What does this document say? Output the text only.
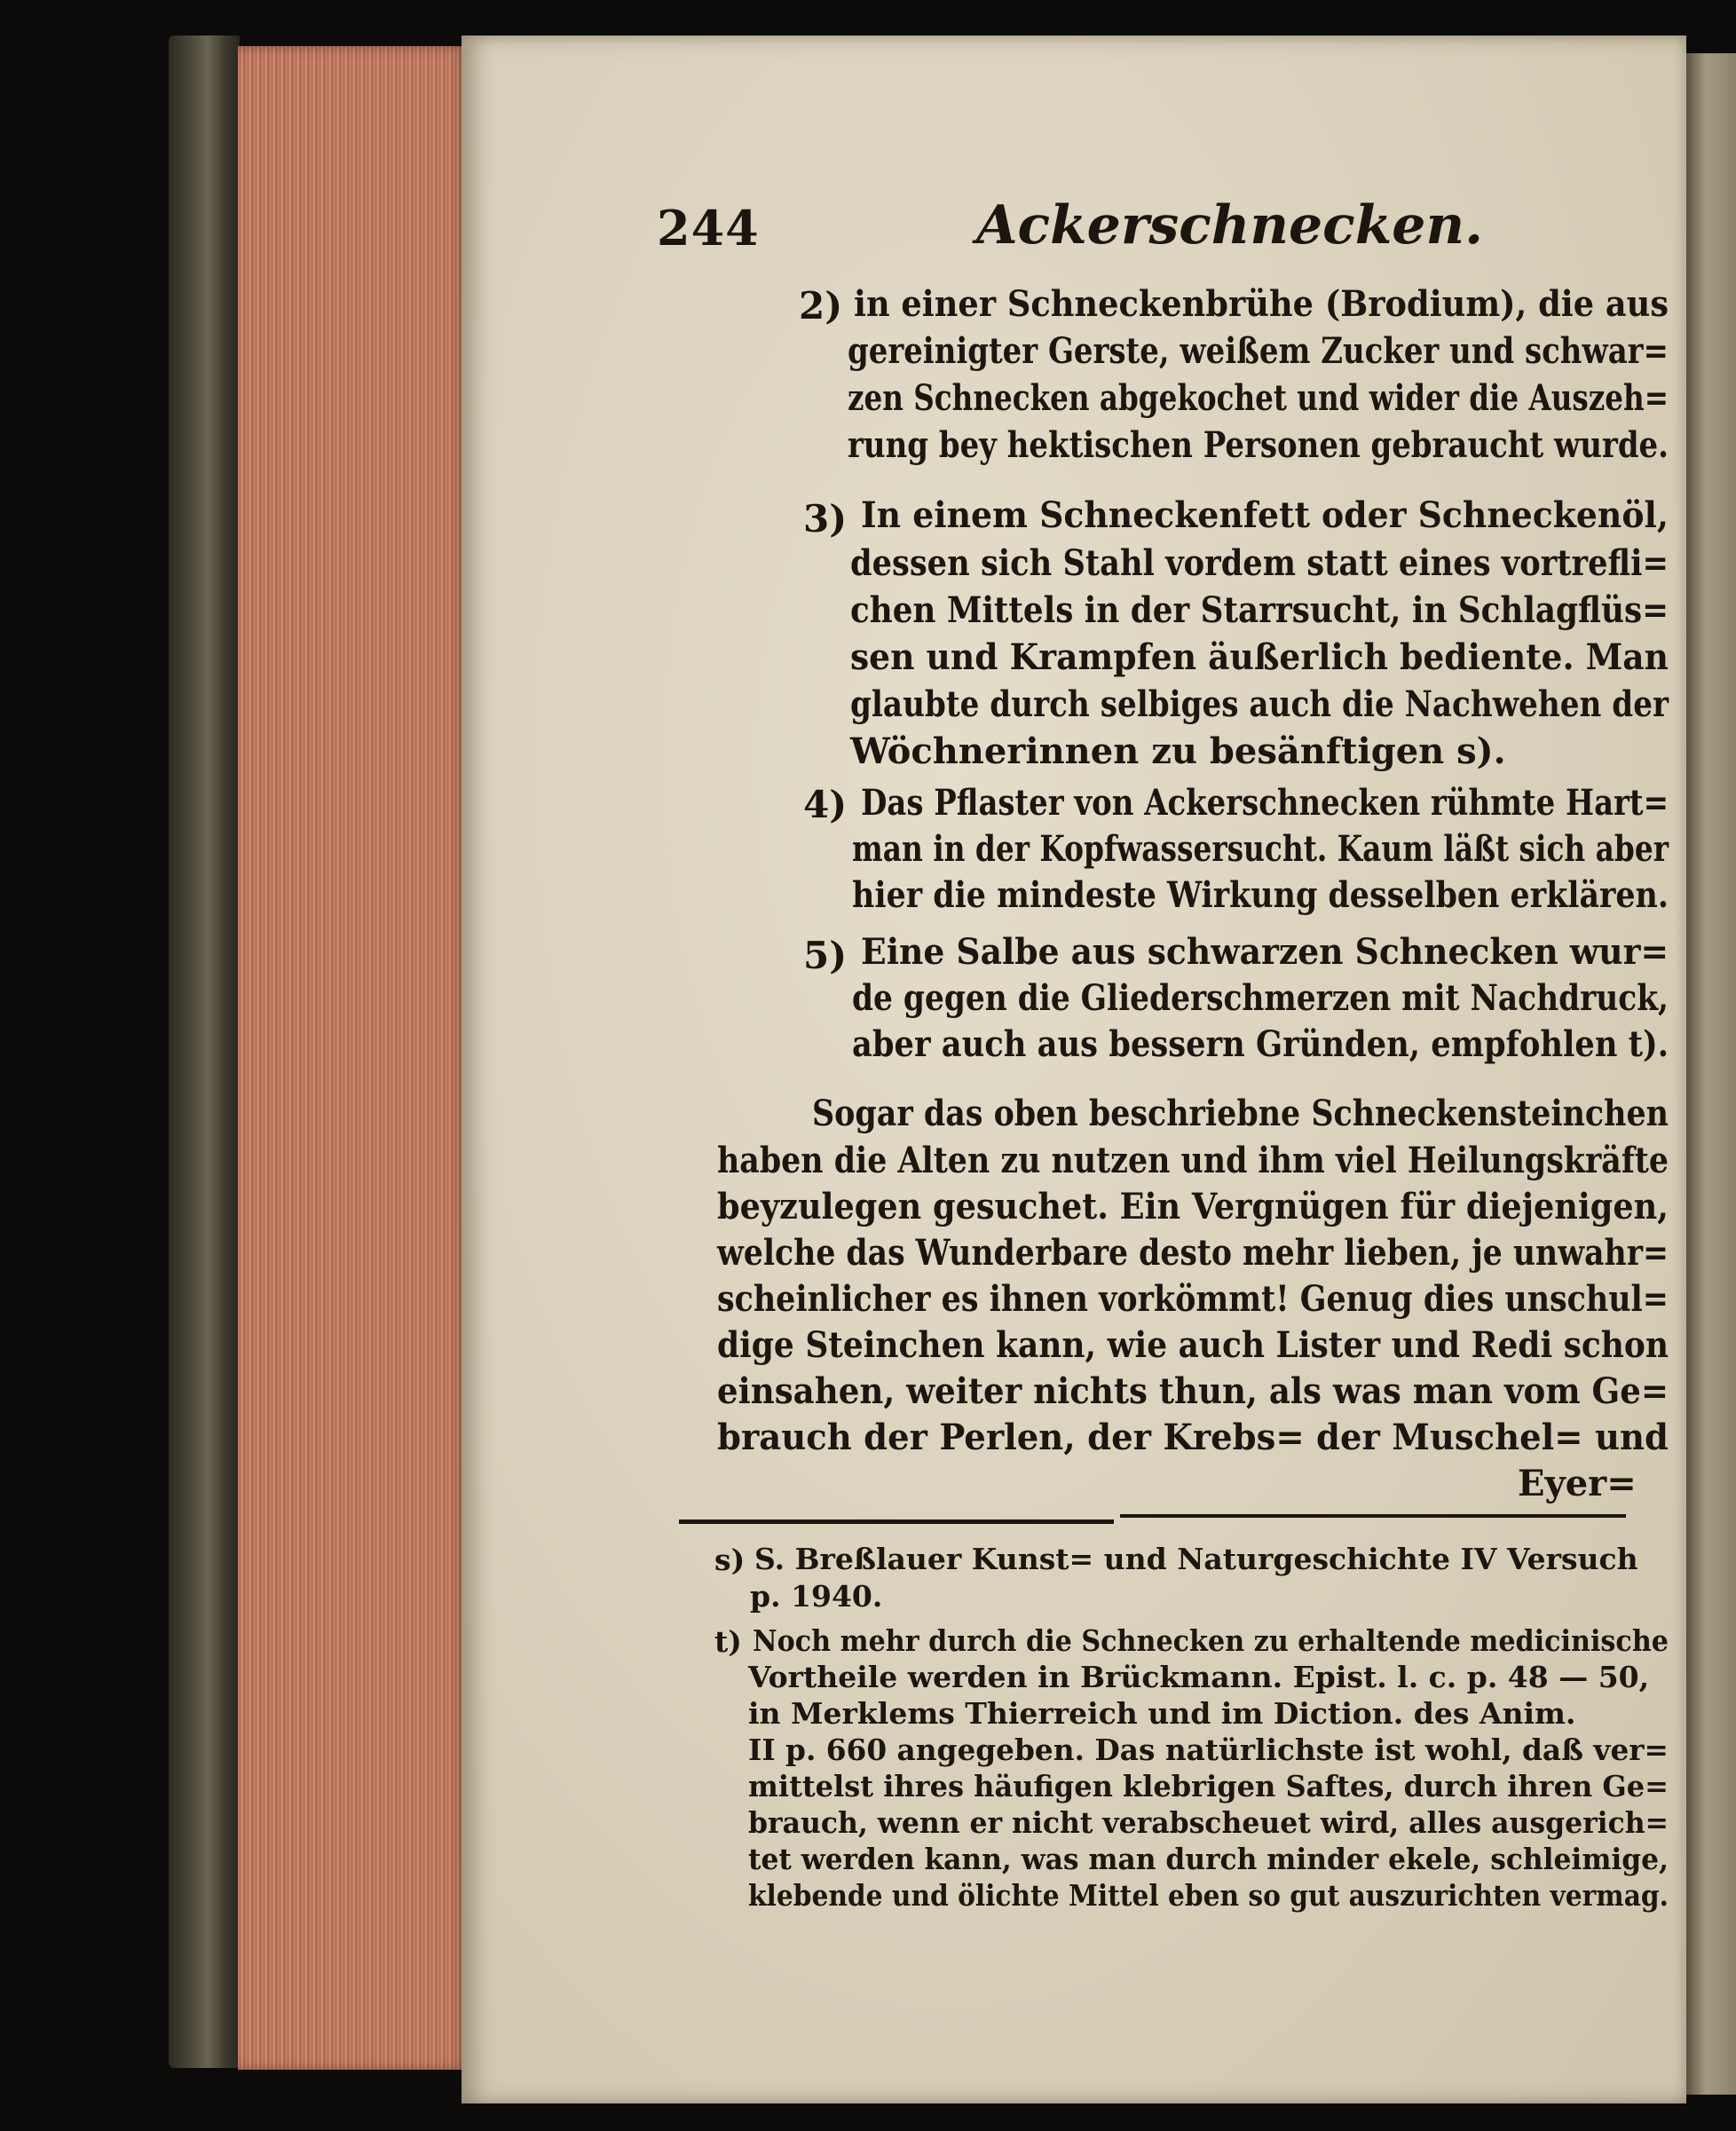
244	Ackerschnecken.
2) in einer Schneckenbrühe (Brodium), die aus
gereinigter Gerste, weißem Zucker und schwar=
zen Schnecken abgekochet und wider die Auszeh=
rung bey hektischen Personen gebraucht wurde.
3) In einem Schneckenfett oder Schneckenöl,
dessen sich Stahl vordem statt eines vortrefli=
chen Mittels in der Starrsucht, in Schlagflüs=
sen und Krampfen äußerlich bediente. Man
glaubte durch selbiges auch die Nachwehen der
Wöchnerinnen zu besänftigen s).
4) Das Pflaster von Ackerschnecken rühmte Hart=
man in der Kopfwassersucht. Kaum läßt sich aber
hier die mindeste Wirkung desselben erklären.
5) Eine Salbe aus schwarzen Schnecken wur=
de gegen die Gliederschmerzen mit Nachdruck,
aber auch aus bessern Gründen, empfohlen t).
Sogar das oben beschriebne Schneckensteinchen
haben die Alten zu nutzen und ihm viel Heilungskräfte
beyzulegen gesuchet. Ein Vergnügen für diejenigen,
welche das Wunderbare desto mehr lieben, je unwahr=
scheinlicher es ihnen vorkömmt! Genug dies unschul=
dige Steinchen kann, wie auch Lister und Redi schon
einsahen, weiter nichts thun, als was man vom Ge=
brauch der Perlen, der Krebs= der Muschel= und
Eyer=
s) S. Breßlauer Kunst= und Naturgeschichte IV Versuch
p. 1940.
t) Noch mehr durch die Schnecken zu erhaltende medicinische
Vortheile werden in Brückmann. Epist. l. c. p. 48 — 50,
in Merklems Thierreich und im Diction. des Anim.
II p. 660 angegeben. Das natürlichste ist wohl, daß ver=
mittelst ihres häufigen klebrigen Saftes, durch ihren Ge=
brauch, wenn er nicht verabscheuet wird, alles ausgerich=
tet werden kann, was man durch minder ekele, schleimige,
klebende und ölichte Mittel eben so gut auszurichten vermag.
